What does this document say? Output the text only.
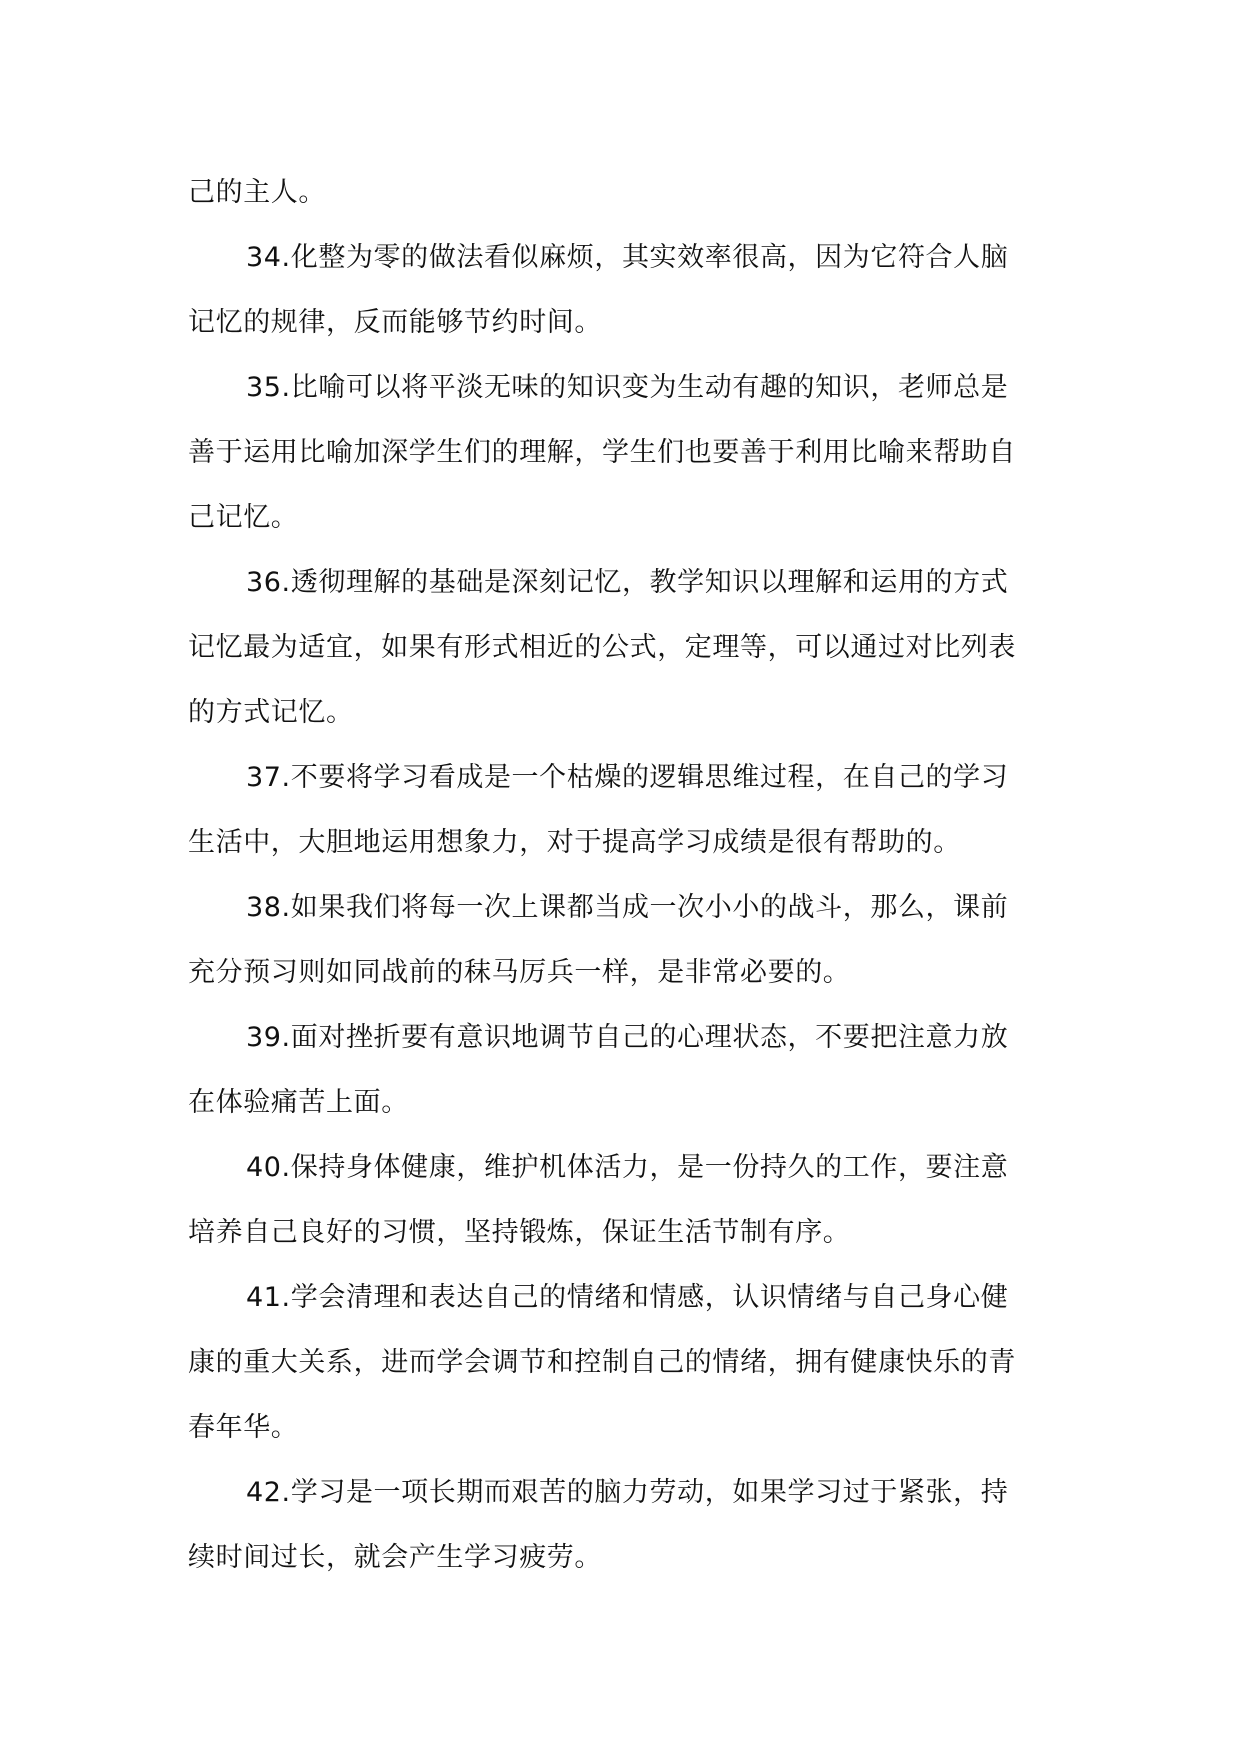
己的主人。
34.化整为零的做法看似麻烦，其实效率很高，因为它符合人脑
记忆的规律，反而能够节约时间。
35.比喻可以将平淡无味的知识变为生动有趣的知识，老师总是
善于运用比喻加深学生们的理解，学生们也要善于利用比喻来帮助自
己记忆。
36.透彻理解的基础是深刻记忆，教学知识以理解和运用的方式
记忆最为适宜，如果有形式相近的公式，定理等，可以通过对比列表
的方式记忆。
37.不要将学习看成是一个枯燥的逻辑思维过程，在自己的学习
生活中，大胆地运用想象力，对于提高学习成绩是很有帮助的。
38.如果我们将每一次上课都当成一次小小的战斗，那么，课前
充分预习则如同战前的秣马厉兵一样，是非常必要的。
39.面对挫折要有意识地调节自己的心理状态，不要把注意力放
在体验痛苦上面。
40.保持身体健康，维护机体活力，是一份持久的工作，要注意
培养自己良好的习惯，坚持锻炼，保证生活节制有序。
41.学会清理和表达自己的情绪和情感，认识情绪与自己身心健
康的重大关系，进而学会调节和控制自己的情绪，拥有健康快乐的青
春年华。
42.学习是一项长期而艰苦的脑力劳动，如果学习过于紧张，持
续时间过长，就会产生学习疲劳。
